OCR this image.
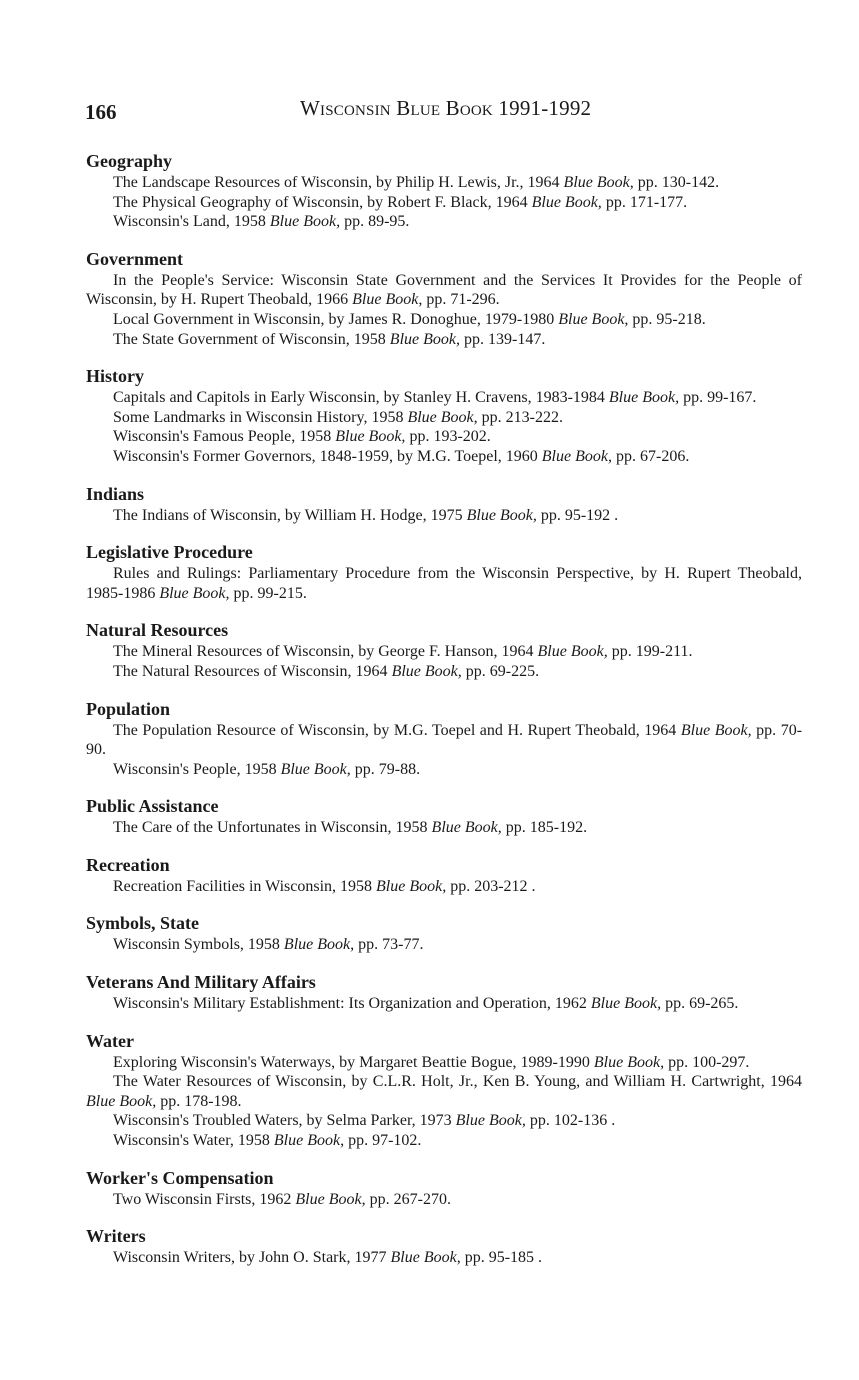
166	Wisconsin Blue Book 1991-1992
Geography

The Landscape Resources of Wisconsin, by Philip H. Lewis, Jr., 1964 Blue Book, pp. 130-142.

The Physical Geography of Wisconsin, by Robert F. Black, 1964 Blue Book, pp. 171-177.

Wisconsin's Land, 1958 Blue Book, pp. 89-95.

Government

In the People's Service: Wisconsin State Government and the Services It Provides for the People of Wisconsin, by H. Rupert Theobald, 1966 Blue Book, pp. 71-296.

Local Government in Wisconsin, by James R. Donoghue, 1979-1980 Blue Book, pp. 95-218.

The State Government of Wisconsin, 1958 Blue Book, pp. 139-147.

History

Capitals and Capitols in Early Wisconsin, by Stanley H. Cravens, 1983-1984 Blue Book, pp. 99-167.

Some Landmarks in Wisconsin History, 1958 Blue Book, pp. 213-222.

Wisconsin's Famous People, 1958 Blue Book, pp. 193-202.

Wisconsin's Former Governors, 1848-1959, by M.G. Toepel, 1960 Blue Book, pp. 67-206.

Indians

The Indians of Wisconsin, by William H. Hodge, 1975 Blue Book, pp. 95-192 .

Legislative Procedure

Rules and Rulings: Parliamentary Procedure from the Wisconsin Perspective, by H. Rupert Theobald, 1985-1986 Blue Book, pp. 99-215.

Natural Resources

The Mineral Resources of Wisconsin, by George F. Hanson, 1964 Blue Book, pp. 199-211.

The Natural Resources of Wisconsin, 1964 Blue Book, pp. 69-225.

Population

The Population Resource of Wisconsin, by M.G. Toepel and H. Rupert Theobald, 1964 Blue Book, pp. 70-90.

Wisconsin's People, 1958 Blue Book, pp. 79-88.

Public Assistance

The Care of the Unfortunates in Wisconsin, 1958 Blue Book, pp. 185-192.

Recreation

Recreation Facilities in Wisconsin, 1958 Blue Book, pp. 203-212 .

Symbols, State

Wisconsin Symbols, 1958 Blue Book, pp. 73-77.

Veterans And Military Affairs

Wisconsin's Military Establishment: Its Organization and Operation, 1962 Blue Book, pp. 69-265.

Water

Exploring Wisconsin's Waterways, by Margaret Beattie Bogue, 1989-1990 Blue Book, pp. 100-297.

The Water Resources of Wisconsin, by C.L.R. Holt, Jr., Ken B. Young, and William H. Cartwright, 1964 Blue Book, pp. 178-198.

Wisconsin's Troubled Waters, by Selma Parker, 1973 Blue Book, pp. 102-136 .

Wisconsin's Water, 1958 Blue Book, pp. 97-102.

Worker's Compensation

Two Wisconsin Firsts, 1962 Blue Book, pp. 267-270.

Writers

Wisconsin Writers, by John O. Stark, 1977 Blue Book, pp. 95-185 .
